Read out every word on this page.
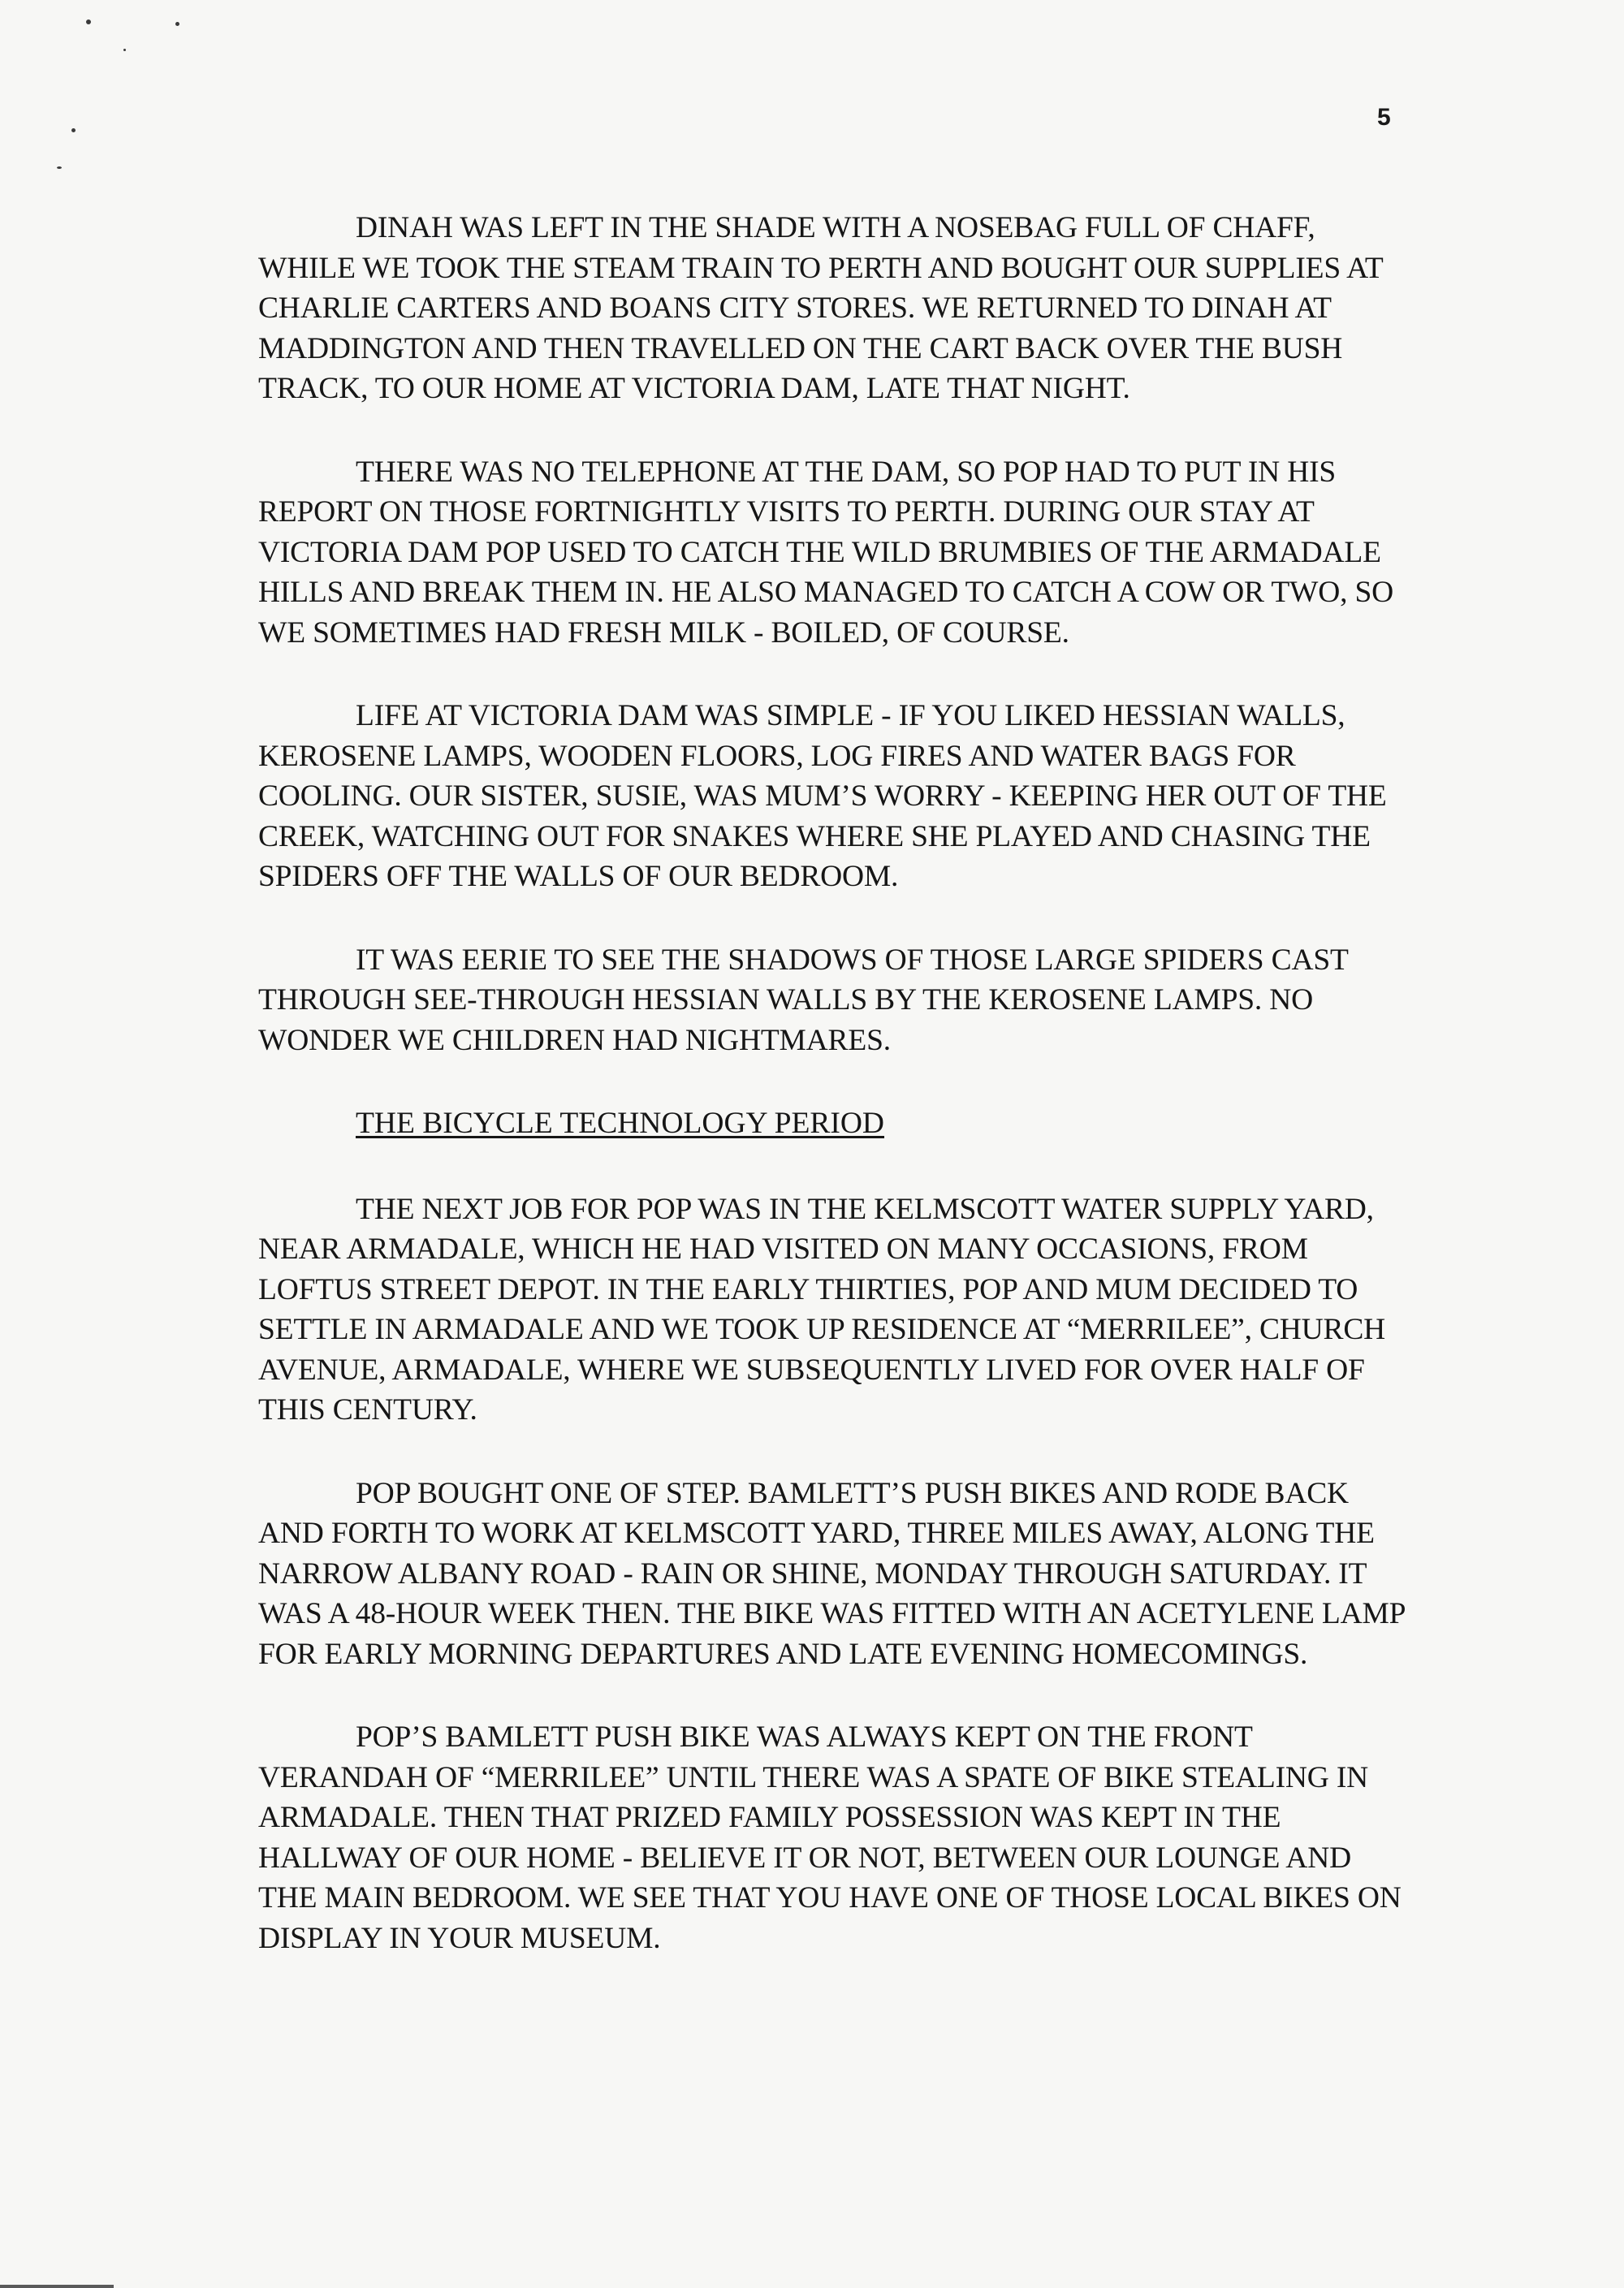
5

DINAH WAS LEFT IN THE SHADE WITH A NOSEBAG FULL OF CHAFF, WHILE WE TOOK THE STEAM TRAIN TO PERTH AND BOUGHT OUR SUPPLIES AT CHARLIE CARTERS AND BOANS CITY STORES. WE RETURNED TO DINAH AT MADDINGTON AND THEN TRAVELLED ON THE CART BACK OVER THE BUSH TRACK, TO OUR HOME AT VICTORIA DAM, LATE THAT NIGHT.

THERE WAS NO TELEPHONE AT THE DAM, SO POP HAD TO PUT IN HIS REPORT ON THOSE FORTNIGHTLY VISITS TO PERTH. DURING OUR STAY AT VICTORIA DAM POP USED TO CATCH THE WILD BRUMBIES OF THE ARMADALE HILLS AND BREAK THEM IN. HE ALSO MANAGED TO CATCH A COW OR TWO, SO WE SOMETIMES HAD FRESH MILK - BOILED, OF COURSE.

LIFE AT VICTORIA DAM WAS SIMPLE - IF YOU LIKED HESSIAN WALLS, KEROSENE LAMPS, WOODEN FLOORS, LOG FIRES AND WATER BAGS FOR COOLING. OUR SISTER, SUSIE, WAS MUM’S WORRY - KEEPING HER OUT OF THE CREEK, WATCHING OUT FOR SNAKES WHERE SHE PLAYED AND CHASING THE SPIDERS OFF THE WALLS OF OUR BEDROOM.

IT WAS EERIE TO SEE THE SHADOWS OF THOSE LARGE SPIDERS CAST THROUGH SEE-THROUGH HESSIAN WALLS BY THE KEROSENE LAMPS. NO WONDER WE CHILDREN HAD NIGHTMARES.

THE BICYCLE TECHNOLOGY PERIOD

THE NEXT JOB FOR POP WAS IN THE KELMSCOTT WATER SUPPLY YARD, NEAR ARMADALE, WHICH HE HAD VISITED ON MANY OCCASIONS, FROM LOFTUS STREET DEPOT. IN THE EARLY THIRTIES, POP AND MUM DECIDED TO SETTLE IN ARMADALE AND WE TOOK UP RESIDENCE AT “MERRILEE”, CHURCH AVENUE, ARMADALE, WHERE WE SUBSEQUENTLY LIVED FOR OVER HALF OF THIS CENTURY.

POP BOUGHT ONE OF STEP. BAMLETT’S PUSH BIKES AND RODE BACK AND FORTH TO WORK AT KELMSCOTT YARD, THREE MILES AWAY, ALONG THE NARROW ALBANY ROAD - RAIN OR SHINE, MONDAY THROUGH SATURDAY. IT WAS A 48-HOUR WEEK THEN. THE BIKE WAS FITTED WITH AN ACETYLENE LAMP FOR EARLY MORNING DEPARTURES AND LATE EVENING HOMECOMINGS.

POP’S BAMLETT PUSH BIKE WAS ALWAYS KEPT ON THE FRONT VERANDAH OF “MERRILEE” UNTIL THERE WAS A SPATE OF BIKE STEALING IN ARMADALE. THEN THAT PRIZED FAMILY POSSESSION WAS KEPT IN THE HALLWAY OF OUR HOME - BELIEVE IT OR NOT, BETWEEN OUR LOUNGE AND THE MAIN BEDROOM. WE SEE THAT YOU HAVE ONE OF THOSE LOCAL BIKES ON DISPLAY IN YOUR MUSEUM.
